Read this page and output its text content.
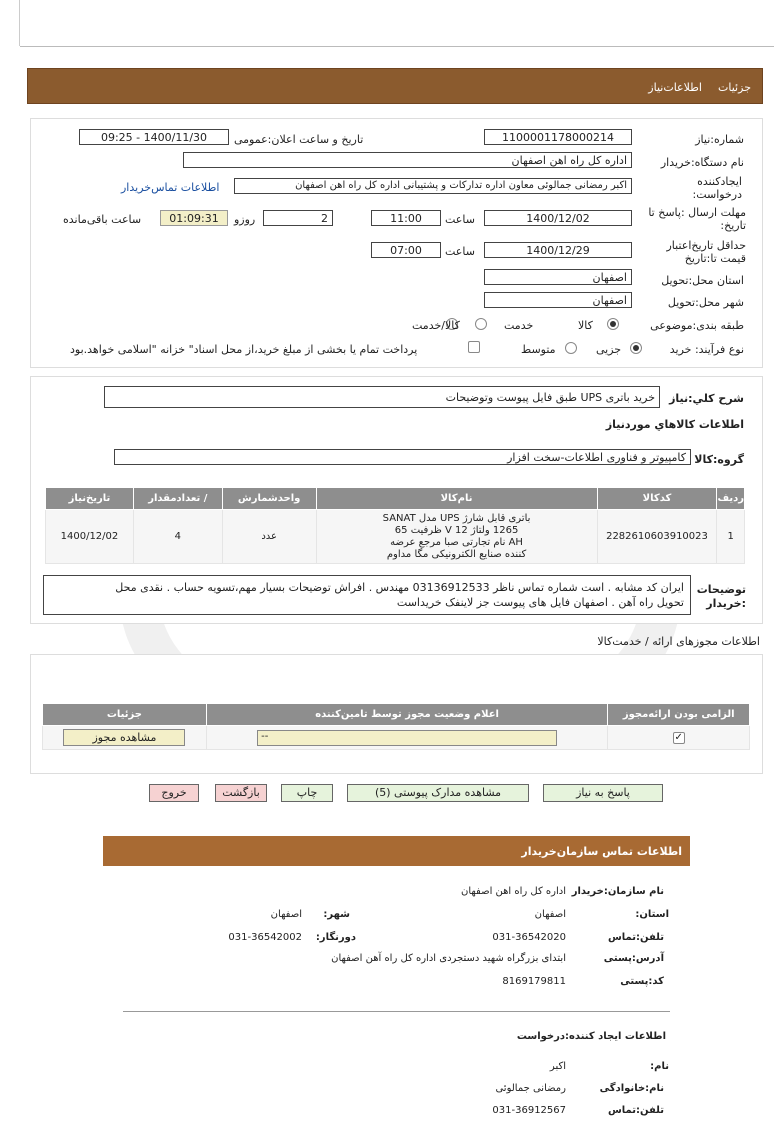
جزئیات
اطلاعات‌نیاز
شماره:نیاز
1100001178000214
تاریخ و ساعت اعلان:عمومی
1400/11/30 - 09:25
نام دستگاه:خریدار
اداره کل راه اهن اصفهان
ایجادکننده درخواست:
اکبر رمضانی جمالوئی معاون اداره تدارکات و پشتیبانی اداره کل راه اهن اصفهان
اطلاعات تماس‌خریدار
مهلت ارسال :پاسخ تا تاریخ:
1400/12/02
ساعت
11:00
2
روزو
01:09:31
ساعت باقی‌مانده
حداقل تاریخ‌اعتبار قیمت تا:تاریخ
1400/12/29
ساعت
07:00
استان محل:تحویل
اصفهان
شهر محل:تحویل
اصفهان
طبقه بندی:موضوعی
کالا
خدمت
کالا/خدمت
نوع فرآیند: خرید
جزیی
متوسط
پرداخت تمام یا بخشی از مبلغ خرید،از محل اسناد" خزانه "اسلامی خواهد.بود
شرح کلي:نیاز
خرید باتری UPS طبق فایل پیوست وتوضیحات
اطلاعات کالاهاي موردنياز
گروه:کالا
کامپیوتر و فناوری اطلاعات-سخت افزار
ردیف	کدکالا	نام‌کالا	واحدشمارش	/ تعدادمقدار	تاریخ‌نیاز
1	2282610603910023	باتری قابل شارژ UPS مدل SANAT
1265 ولتاژ V 12 ظرفیت 65
AH نام تجارتی صبا مرجع عرضه
کننده صنایع الکترونیکی مگا مداوم	عدد	4	1400/12/02
توضیحات :خریدار
ایران کد مشابه . است شماره تماس ناظر 03136912533 مهندس . افراش توضیحات بسیار مهم،تسویه حساب . نقدی محل
تحویل راه آهن . اصفهان فایل های پیوست جز لاینفک خریداست
اطلاعات مجوزهای ارائه / خدمت‌کالا
الزامی بودن ارائه‌مجوز	اعلام وضعیت مجوز توسط تامین‌کننده	جزئیات
✓	--	مشاهده مجوز
پاسخ به نیاز
مشاهده مدارک پیوستی (5)
چاپ
بازگشت
خروج
اطلاعات تماس سازمان‌خریدار
نام سازمان:خریدار
اداره کل راه اهن اصفهان
استان:
اصفهان
شهر:
اصفهان
تلفن:تماس
031-36542020
دورنگار:
031-36542002
آدرس:پستی
ابتدای بزرگراه شهید دستجردی اداره کل راه آهن اصفهان
کد:پستی
8169179811
اطلاعات ایجاد کننده:درخواست
نام:
اکبر
نام:خانوادگی
رمضانی جمالوئی
تلفن:تماس
031-36912567
